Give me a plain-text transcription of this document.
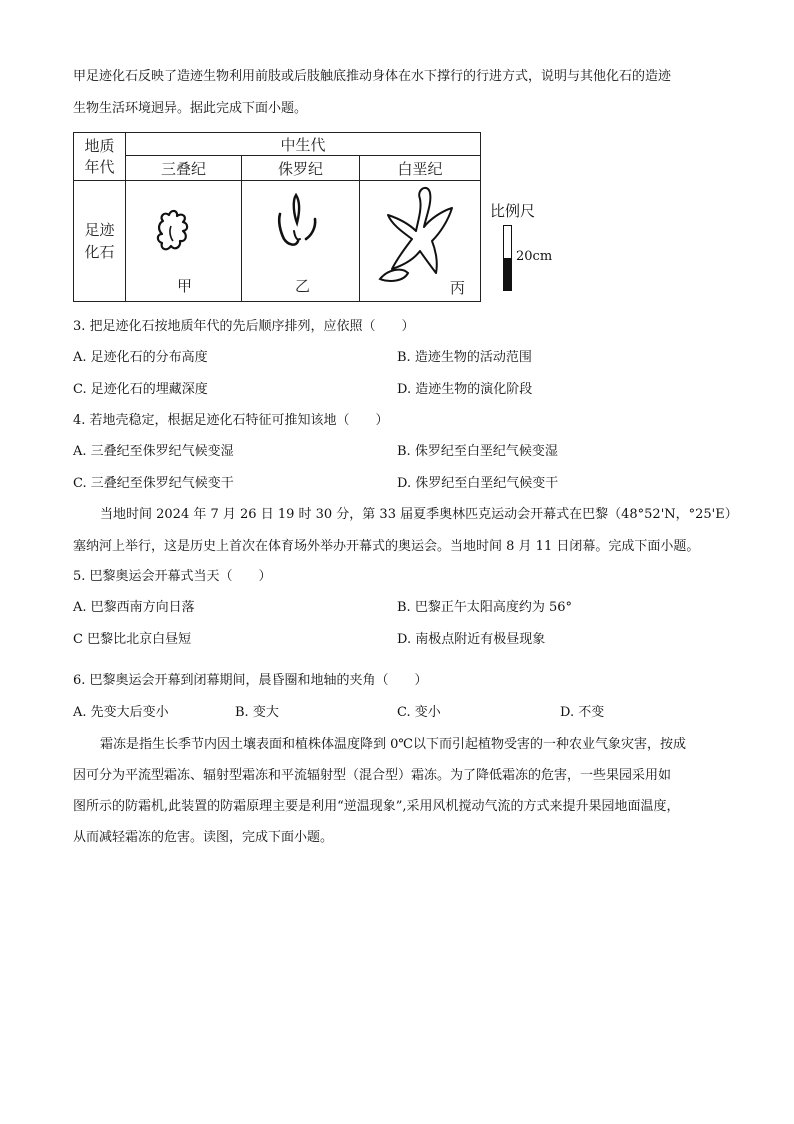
甲足迹化石反映了造迹生物利用前肢或后肢触底推动身体在水下撑行的行进方式，说明与其他化石的造迹
生物生活环境迥异。据此完成下面小题。
地质
年代	中生代		
	三叠纪	侏罗纪	白垩纪

足迹
化石	甲	乙	丙
比例尺
20cm
3. 把足迹化石按地质年代的先后顺序排列，应依照（　　）
A. 足迹化石的分布高度	B. 造迹生物的活动范围
C. 足迹化石的埋藏深度	D. 造迹生物的演化阶段
4. 若地壳稳定，根据足迹化石特征可推知该地（　　）
A. 三叠纪至侏罗纪气候变湿	B. 侏罗纪至白垩纪气候变湿
C. 三叠纪至侏罗纪气候变干	D. 侏罗纪至白垩纪气候变干
当地时间 2024 年 7 月 26 日 19 时 30 分，第 33 届夏季奥林匹克运动会开幕式在巴黎（48°52'N，°25'E）
塞纳河上举行，这是历史上首次在体育场外举办开幕式的奥运会。当地时间 8 月 11 日闭幕。完成下面小题。
5. 巴黎奥运会开幕式当天（　　）
A. 巴黎西南方向日落	B. 巴黎正午太阳高度约为 56°
C 巴黎比北京白昼短	D. 南极点附近有极昼现象
6. 巴黎奥运会开幕到闭幕期间，晨昏圈和地轴的夹角（　　）
A. 先变大后变小	B. 变大	C. 变小	D. 不变
霜冻是指生长季节内因土壤表面和植株体温度降到 0℃以下而引起植物受害的一种农业气象灾害，按成
因可分为平流型霜冻、辐射型霜冻和平流辐射型（混合型）霜冻。为了降低霜冻的危害，一些果园采用如
图所示的防霜机,此装置的防霜原理主要是利用“逆温现象”,采用风机搅动气流的方式来提升果园地面温度，
从而减轻霜冻的危害。读图，完成下面小题。
